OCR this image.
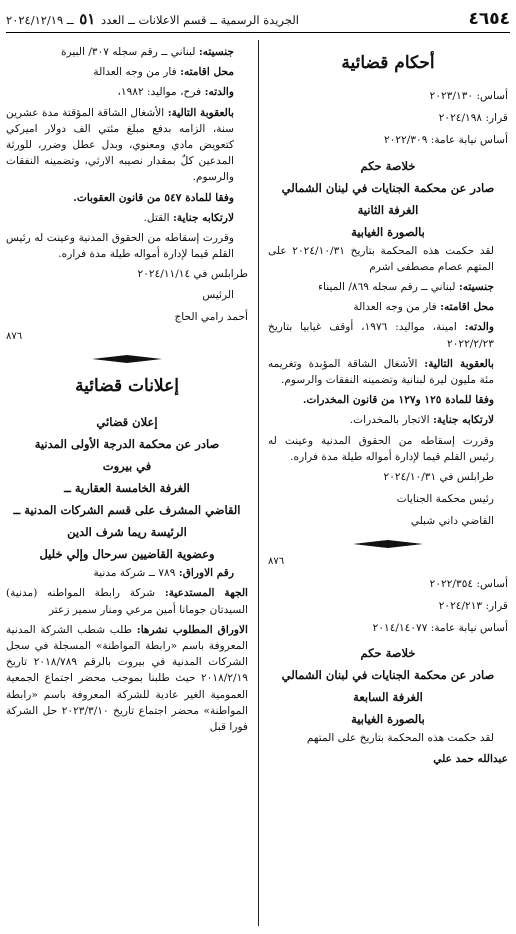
٤٦٥٤
الجريدة الرسمية ــ قسم الاعلانات ــ العدد ٥١ ــ ٢٠٢٤/١٢/١٩
أحكام قضائية

أساس: ٢٠٢٣/١٣٠

قرار: ٢٠٢٤/١٩٨

أساس نيابة عامة: ٢٠٢٢/٣٠٩

خلاصة حكم
صادر عن محكمة الجنايات في لبنان الشمالي
الغرفة الثانية
بالصورة الغيابية

لقد حكمت هذه المحكمة بتاريخ ٢٠٢٤/١٠/٣١ على المتهم عصام مصطفى اشرم

جنسيته: لبناني ــ رقم سجله ٨٦٩/ الميناء

محل اقامته: فار من وجه العدالة

والدته: امينة، مواليد: ١٩٧٦، أوقف غيابيا بتاريخ ٢٠٢٢/٢/٢٣

بالعقوبة التالية: الأشغال الشاقة المؤبدة وتغريمه مئة مليون ليرة لبنانية وتضمينه النفقات والرسوم.

وفقا للمادة ١٢٥ و١٢٧ من قانون المخدرات.

لارتكابه جناية: الاتجار بالمخدرات.

وقررت إسقاطه من الحقوق المدنية وعينت له رئيس القلم قيما لإدارة أمواله طيلة مدة فراره.

طرابلس في ٢٠٢٤/١٠/٣١

رئيس محكمة الجنايات

القاضي داني شبلي

٨٧٦

أساس: ٢٠٢٢/٣٥٤

قرار: ٢٠٢٤/٢١٣

أساس نيابة عامة: ٢٠١٤/١٤٠٧٧

خلاصة حكم
صادر عن محكمة الجنايات في لبنان الشمالي
الغرفة السابعة
بالصورة الغيابية

لقد حكمت هذه المحكمة بتاريخ على المتهم

عبدالله حمد علي

جنسيته: لبناني ــ رقم سجله ٣٠٧/ البيرة

محل اقامته: فار من وجه العدالة

والدته: فرح، مواليد: ١٩٨٢،

بالعقوبة التالية: الأشغال الشاقة المؤقتة مدة عشرين سنة، الزامه بدفع مبلغ مئتي الف دولار اميركي كتعويض مادي ومعنوي، وبدل عطل وضرر، للورثة المدعين كلٌ بمقدار نصيبه الارثي، وتضمينه النفقات والرسوم.

وفقا للمادة ٥٤٧ من قانون العقوبات.

لارتكابه جناية: القتل.

وقررت إسقاطه من الحقوق المدنية وعينت له رئيس القلم قيما لإدارة أمواله طيلة مدة فراره.

طرابلس في ٢٠٢٤/١١/١٤

الرئيس

أحمد رامي الحاج

٨٧٦

إعلانات قضائية
إعلان قضائي
صادر عن محكمة الدرجة الأولى المدنية
في بيروت
الغرفة الخامسة العقارية ــ
القاضي المشرف على قسم الشركات المدنية ــ
الرئيسة ريما شرف الدين
وعضوية القاضيين سرحال وإلي خليل

رقم الاوراق: ٧٨٩ ــ شركة مدنية

الجهة المستدعية: شركة رابطة المواطنه (مدنية) السيدتان جومانا أمين مرعي ومنار سمير زعتر

الاوراق المطلوب نشرها: طلب شطب الشركة المدنية المعروفة باسم «رابطة المواطنة» المسجلة في سجل الشركات المدنية في بيروت بالرقم ٢٠١٨/٧٨٩ تاريخ ٢٠١٨/٢/١٩ حيث طلبنا بموجب محضر اجتماع الجمعية العمومية الغير عادية للشركة المعروفة باسم «رابطة المواطنة» محضر اجتماع تاريخ ٢٠٢٣/٣/١٠ حل الشركة فورا قبل
